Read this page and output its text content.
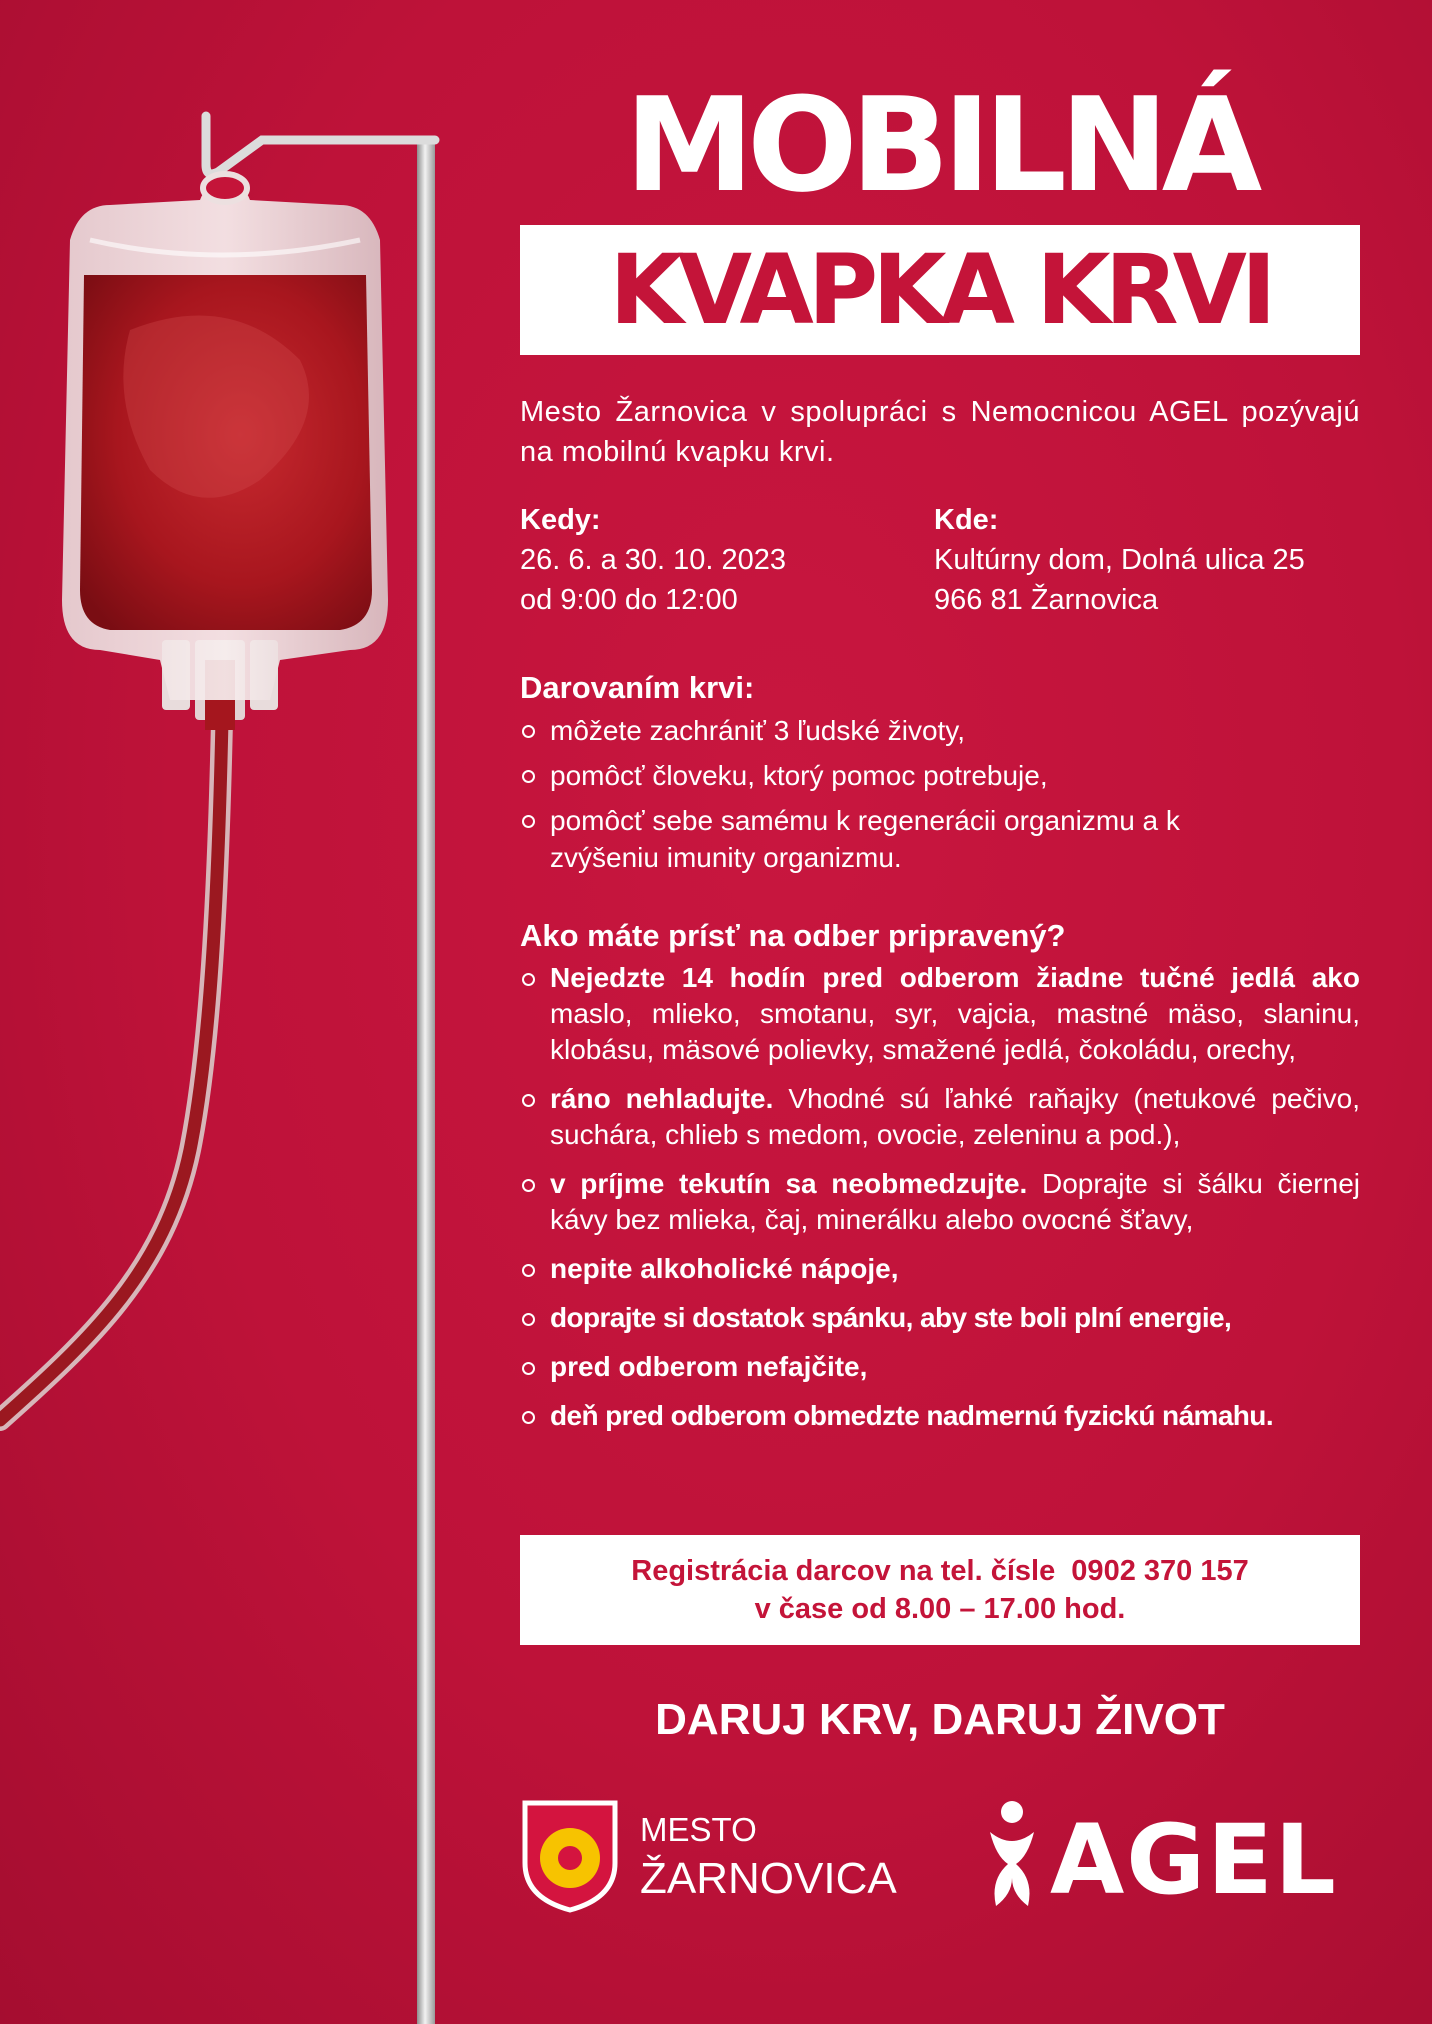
MOBILNÁ
KVAPKA KRVI
Mesto Žarnovica v spolupráci s Nemocnicou AGEL pozývajú na mobilnú kvapku krvi.
Kedy:
26. 6. a 30. 10. 2023
od 9:00 do 12:00
Kde:
Kultúrny dom, Dolná ulica 25
966 81 Žarnovica
Darovaním krvi:
môžete zachrániť 3 ľudské životy,
pomôcť človeku, ktorý pomoc potrebuje,
pomôcť sebe samému k regenerácii organizmu a k zvýšeniu imunity organizmu.
Ako máte prísť na odber pripravený?
Nejedzte 14 hodín pred odberom žiadne tučné jedlá ako maslo, mlieko, smotanu, syr, vajcia, mastné mäso, slaninu, klobásu, mäsové polievky, smažené jedlá, čokoládu, orechy,
ráno nehladujte. Vhodné sú ľahké raňajky (netukové pečivo, suchára, chlieb s medom, ovocie, zeleninu a pod.),
v príjme tekutín sa neobmedzujte. Doprajte si šálku čiernej kávy bez mlieka, čaj, minerálku alebo ovocné šťavy,
nepite alkoholické nápoje,
doprajte si dostatok spánku, aby ste boli plní energie,
pred odberom nefajčite,
deň pred odberom obmedzte nadmernú fyzickú námahu.
Registrácia darcov na tel. čísle  0902 370 157
v čase od 8.00 – 17.00 hod.
DARUJ KRV, DARUJ ŽIVOT
MESTO
ŽARNOVICA AGEL
